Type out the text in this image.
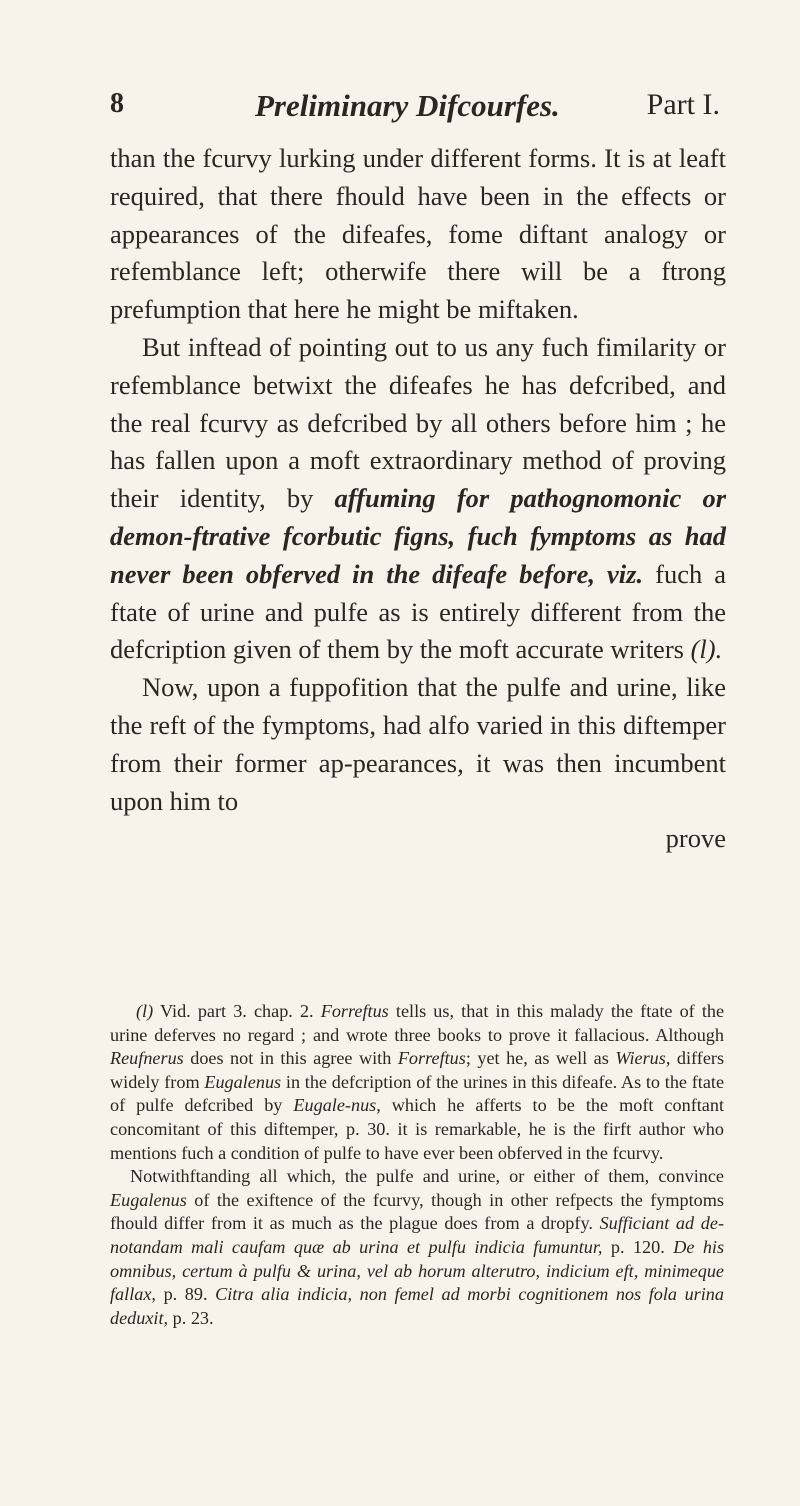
8	Preliminary Difcourfes.	Part I.

than the fcurvy lurking under different forms. It is at leaft required, that there fhould have been in the effects or appearances of the difeafes, fome diftant analogy or refemblance left; otherwife there will be a ftrong prefumption that here he might be miftaken.

But inftead of pointing out to us any fuch fimilarity or refemblance betwixt the difeafes he has defcribed, and the real fcurvy as defcribed by all others before him ; he has fallen upon a moft extraordinary method of proving their identity, by affuming for pathognomonic or demon-ftrative fcorbutic figns, fuch fymptoms as had never been obferved in the difeafe before, viz. fuch a ftate of urine and pulfe as is entirely different from the defcription given of them by the moft accurate writers (l).

Now, upon a fuppofition that the pulfe and urine, like the reft of the fymptoms, had alfo varied in this diftemper from their former ap-pearances, it was then incumbent upon him to

prove

(l) Vid. part 3. chap. 2. Forreftus tells us, that in this malady the ftate of the urine deferves no regard ; and wrote three books to prove it fallacious. Although Reufnerus does not in this agree with Forreftus; yet he, as well as Wierus, differs widely from Eugalenus in the defcription of the urines in this difeafe. As to the ftate of pulfe defcribed by Eugale-nus, which he afferts to be the moft conftant concomitant of this diftemper, p. 30. it is remarkable, he is the firft author who mentions fuch a condition of pulfe to have ever been obferved in the fcurvy.

Notwithftanding all which, the pulfe and urine, or either of them, convince Eugalenus of the exiftence of the fcurvy, though in other refpects the fymptoms fhould differ from it as much as the plague does from a dropfy. Sufficiant ad de-notandam mali caufam quæ ab urina et pulfu indicia fumuntur, p. 120. De his omnibus, certum à pulfu & urina, vel ab horum alterutro, indicium eft, minimeque fallax, p. 89. Citra alia indicia, non femel ad morbi cognitionem nos fola urina deduxit, p. 23.
